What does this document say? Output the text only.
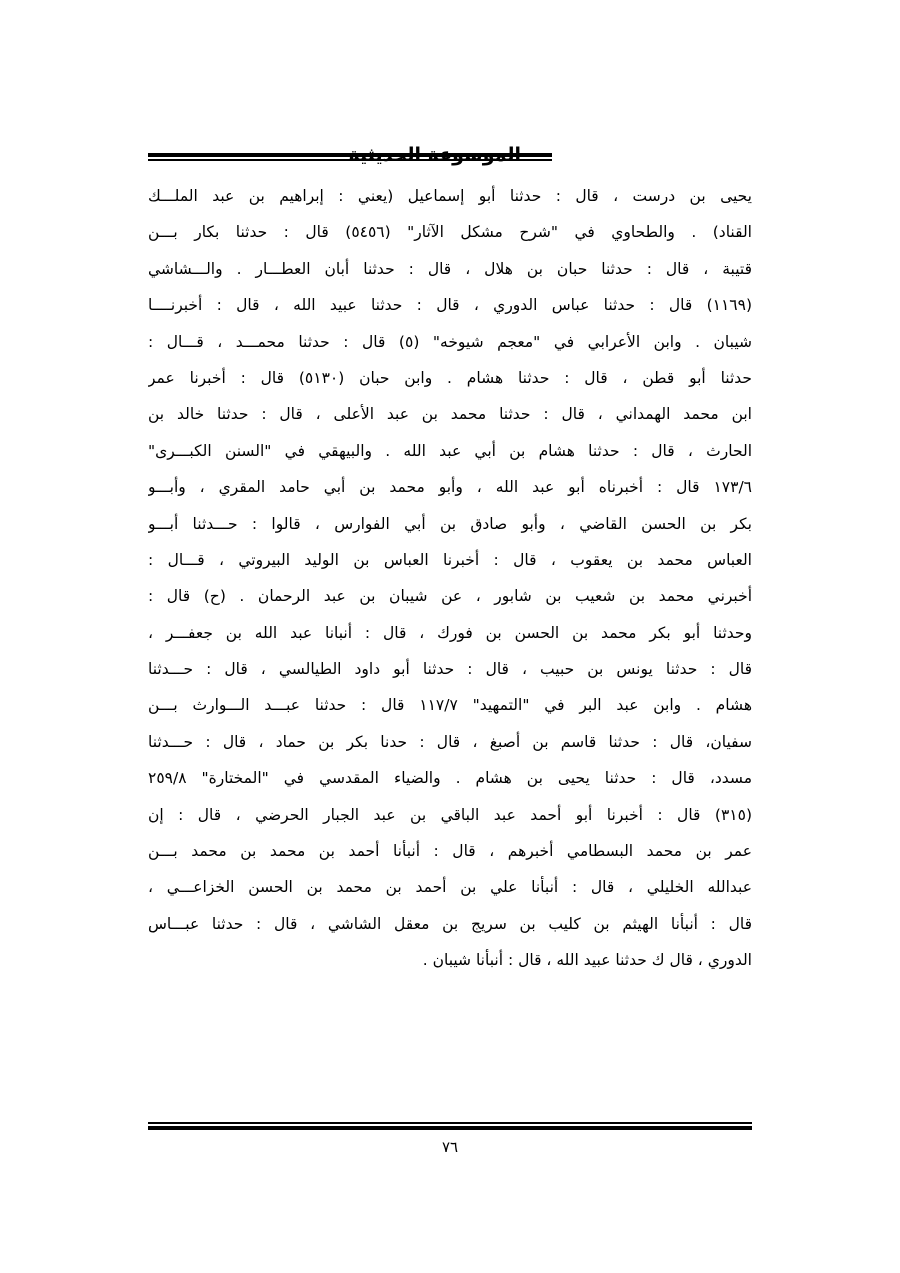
الموسوعة الحديثية
يحيى بن درست ، قال : حدثنا أبو إسماعيل (يعني : إبراهيم بن عبد الملـــك
القناد) . والطحاوي في "شرح مشكل الآثار" (٥٤٥٦) قال : حدثنا بكار بـــن
قتيبة ، قال : حدثنا حبان بن هلال ، قال : حدثنا أبان العطـــار . والـــشاشي
(١١٦٩) قال : حدثنا عباس الدوري ، قال : حدثنا عبيد الله ، قال : أخبرنــــا
شيبان . وابن الأعرابي في "معجم شيوخه" (٥) قال : حدثنا محمـــد ، قـــال :
حدثنا أبو قطن ، قال : حدثنا هشام . وابن حبان (٥١٣٠) قال : أخبرنا عمر
ابن محمد الهمداني ، قال : حدثنا محمد بن عبد الأعلى ، قال : حدثنا خالد بن
الحارث ، قال : حدثنا هشام بن أبي عبد الله . والبيهقي في "السنن الكبـــرى"
١٧٣/٦ قال : أخبرناه أبو عبد الله ، وأبو محمد بن أبي حامد المقري ، وأبـــو
بكر بن الحسن القاضي ، وأبو صادق بن أبي الفوارس ، قالوا : حـــدثنا أبـــو
العباس محمد بن يعقوب ، قال : أخبرنا العباس بن الوليد البيروتي ، قـــال :
أخبرني محمد بن شعيب بن شابور ، عن شيبان بن عبد الرحمان . (ح) قال :
وحدثنا أبو بكر محمد بن الحسن بن فورك ، قال : أنبانا عبد الله بن جعفـــر ،
قال : حدثنا يونس بن حبيب ، قال : حدثنا أبو داود الطيالسي ، قال : حـــدثنا
هشام . وابن عبد البر في "التمهيد" ١١٧/٧ قال : حدثنا عبـــد الـــوارث بـــن
سفيان، قال : حدثنا قاسم بن أصبغ ، قال : حدنا بكر بن حماد ، قال : حـــدثنا
مسدد، قال : حدثنا يحيى بن هشام . والضياء المقدسي في "المختارة" ٢٥٩/٨
(٣١٥) قال : أخبرنا أبو أحمد عبد الباقي بن عبد الجبار الحرضي ، قال : إن
عمر بن محمد البسطامي أخبرهم ، قال : أنبأنا أحمد بن محمد بن محمد بـــن
عبدالله الخليلي ، قال : أنبأنا علي بن أحمد بن محمد بن الحسن الخزاعـــي ،
قال : أنبأنا الهيثم بن كليب بن سريج بن معقل الشاشي ، قال : حدثنا عبـــاس
الدوري ، قال ك حدثنا عبيد الله ، قال : أنبأنا شيبان .
٧٦
